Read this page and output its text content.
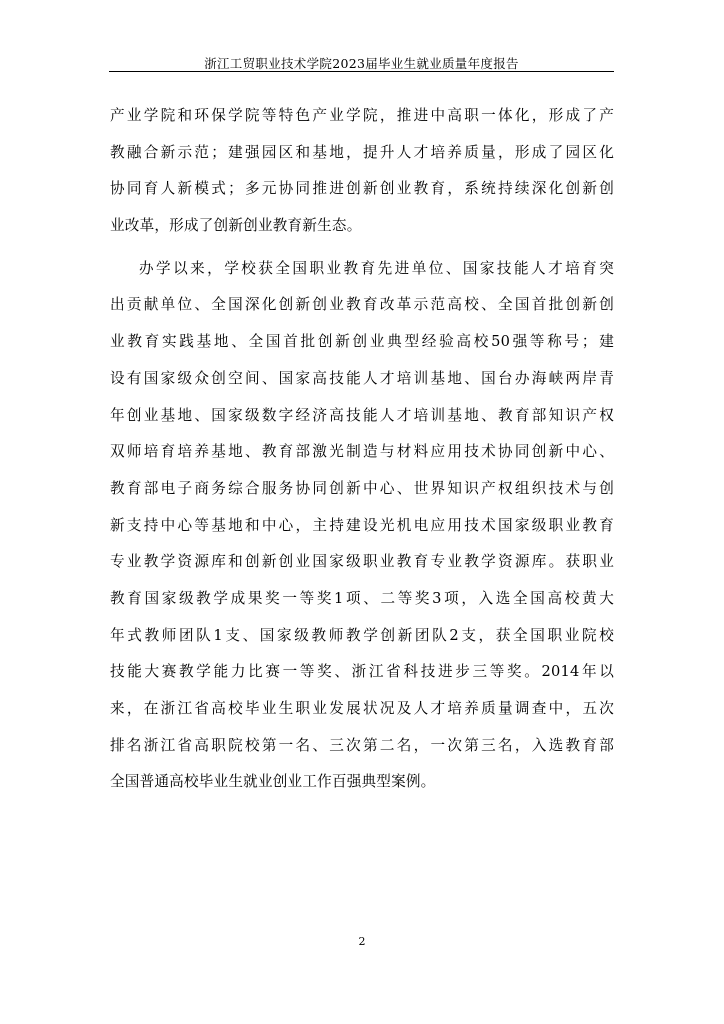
浙江工贸职业技术学院2023届毕业生就业质量年度报告
产业学院和环保学院等特色产业学院，推进中高职一体化，形成了产
教融合新示范；建强园区和基地，提升人才培养质量，形成了园区化
协同育人新模式；多元协同推进创新创业教育，系统持续深化创新创
业改革，形成了创新创业教育新生态。
办学以来，学校获全国职业教育先进单位、国家技能人才培育突
出贡献单位、全国深化创新创业教育改革示范高校、全国首批创新创
业教育实践基地、全国首批创新创业典型经验高校50强等称号；建
设有国家级众创空间、国家高技能人才培训基地、国台办海峡两岸青
年创业基地、国家级数字经济高技能人才培训基地、教育部知识产权
双师培育培养基地、教育部激光制造与材料应用技术协同创新中心、
教育部电子商务综合服务协同创新中心、世界知识产权组织技术与创
新支持中心等基地和中心，主持建设光机电应用技术国家级职业教育
专业教学资源库和创新创业国家级职业教育专业教学资源库。获职业
教育国家级教学成果奖一等奖1项、二等奖3项，入选全国高校黄大
年式教师团队1支、国家级教师教学创新团队2支，获全国职业院校
技能大赛教学能力比赛一等奖、浙江省科技进步三等奖。2014年以
来，在浙江省高校毕业生职业发展状况及人才培养质量调查中，五次
排名浙江省高职院校第一名、三次第二名，一次第三名，入选教育部
全国普通高校毕业生就业创业工作百强典型案例。
2
